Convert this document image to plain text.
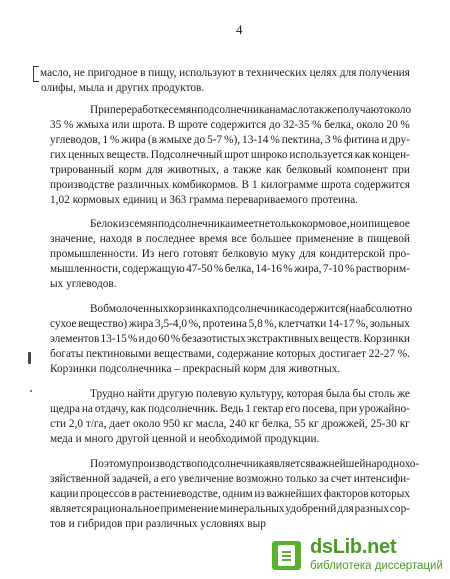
4
масло, не пригодное в пищу, используют в технических целях для получения
олифы, мыла и других продуктов.
При переработке семян подсолнечника на масло также получают около
35 % жмыха или шрота. В шроте содержится до 32-35 % белка, около 20 %
углеводов, 1 % жира (в жмыхе до 5-7 %), 13-14 % пектина, 3 % фитина и дру-
гих ценных веществ. Подсолнечный шрот широко используется как концен-
трированный корм для животных, а также как белковый компонент при
производстве различных комбикормов. В 1 килограмме шрота содержится
1,02 кормовых единиц и 363 грамма перевариваемого протеина.
Белок из семян подсолнечника имеет не только кормовое, но и пищевое
значение, находя в последнее время все большее применение в пищевой
промышленности. Из него готовят белковую муку для кондитерской про-
мышленности, содержащую 47-50 % белка, 14-16 % жира, 7-10 % растворим-
ых углеводов.
В обмолоченных корзинках подсолнечника содержится (на абсолютно
сухое вещество) жира 3,5-4,0 %, протеина 5,8 %, клетчатки 14-17 %, зольных
элементов 13-15 % и до 60 % безазотистых экстрактивных веществ. Корзинки
богаты пектиновыми веществами, содержание которых достигает 22-27 %.
Корзинки подсолнечника – прекрасный корм для животных.
Трудно найти другую полевую культуру, которая была бы столь же
щедра на отдачу, как подсолнечник. Ведь 1 гектар его посева, при урожайно-
сти 2,0 т/га, дает около 950 кг масла, 240 кг белка, 55 кг дрожжей, 25-30 кг
меда и много другой ценной и необходимой продукции.
Поэтому производство подсолнечника является важнейшей народнохо-
зяйственной задачей, а его увеличение возможно только за счет интенсифи-
кации процессов в растениеводстве, одним из важнейших факторов которых
является рациональное применение минеральных удобрений для разных сор-
тов и гибридов при различных условиях выр
dsLib.net
библиотека диссертаций
